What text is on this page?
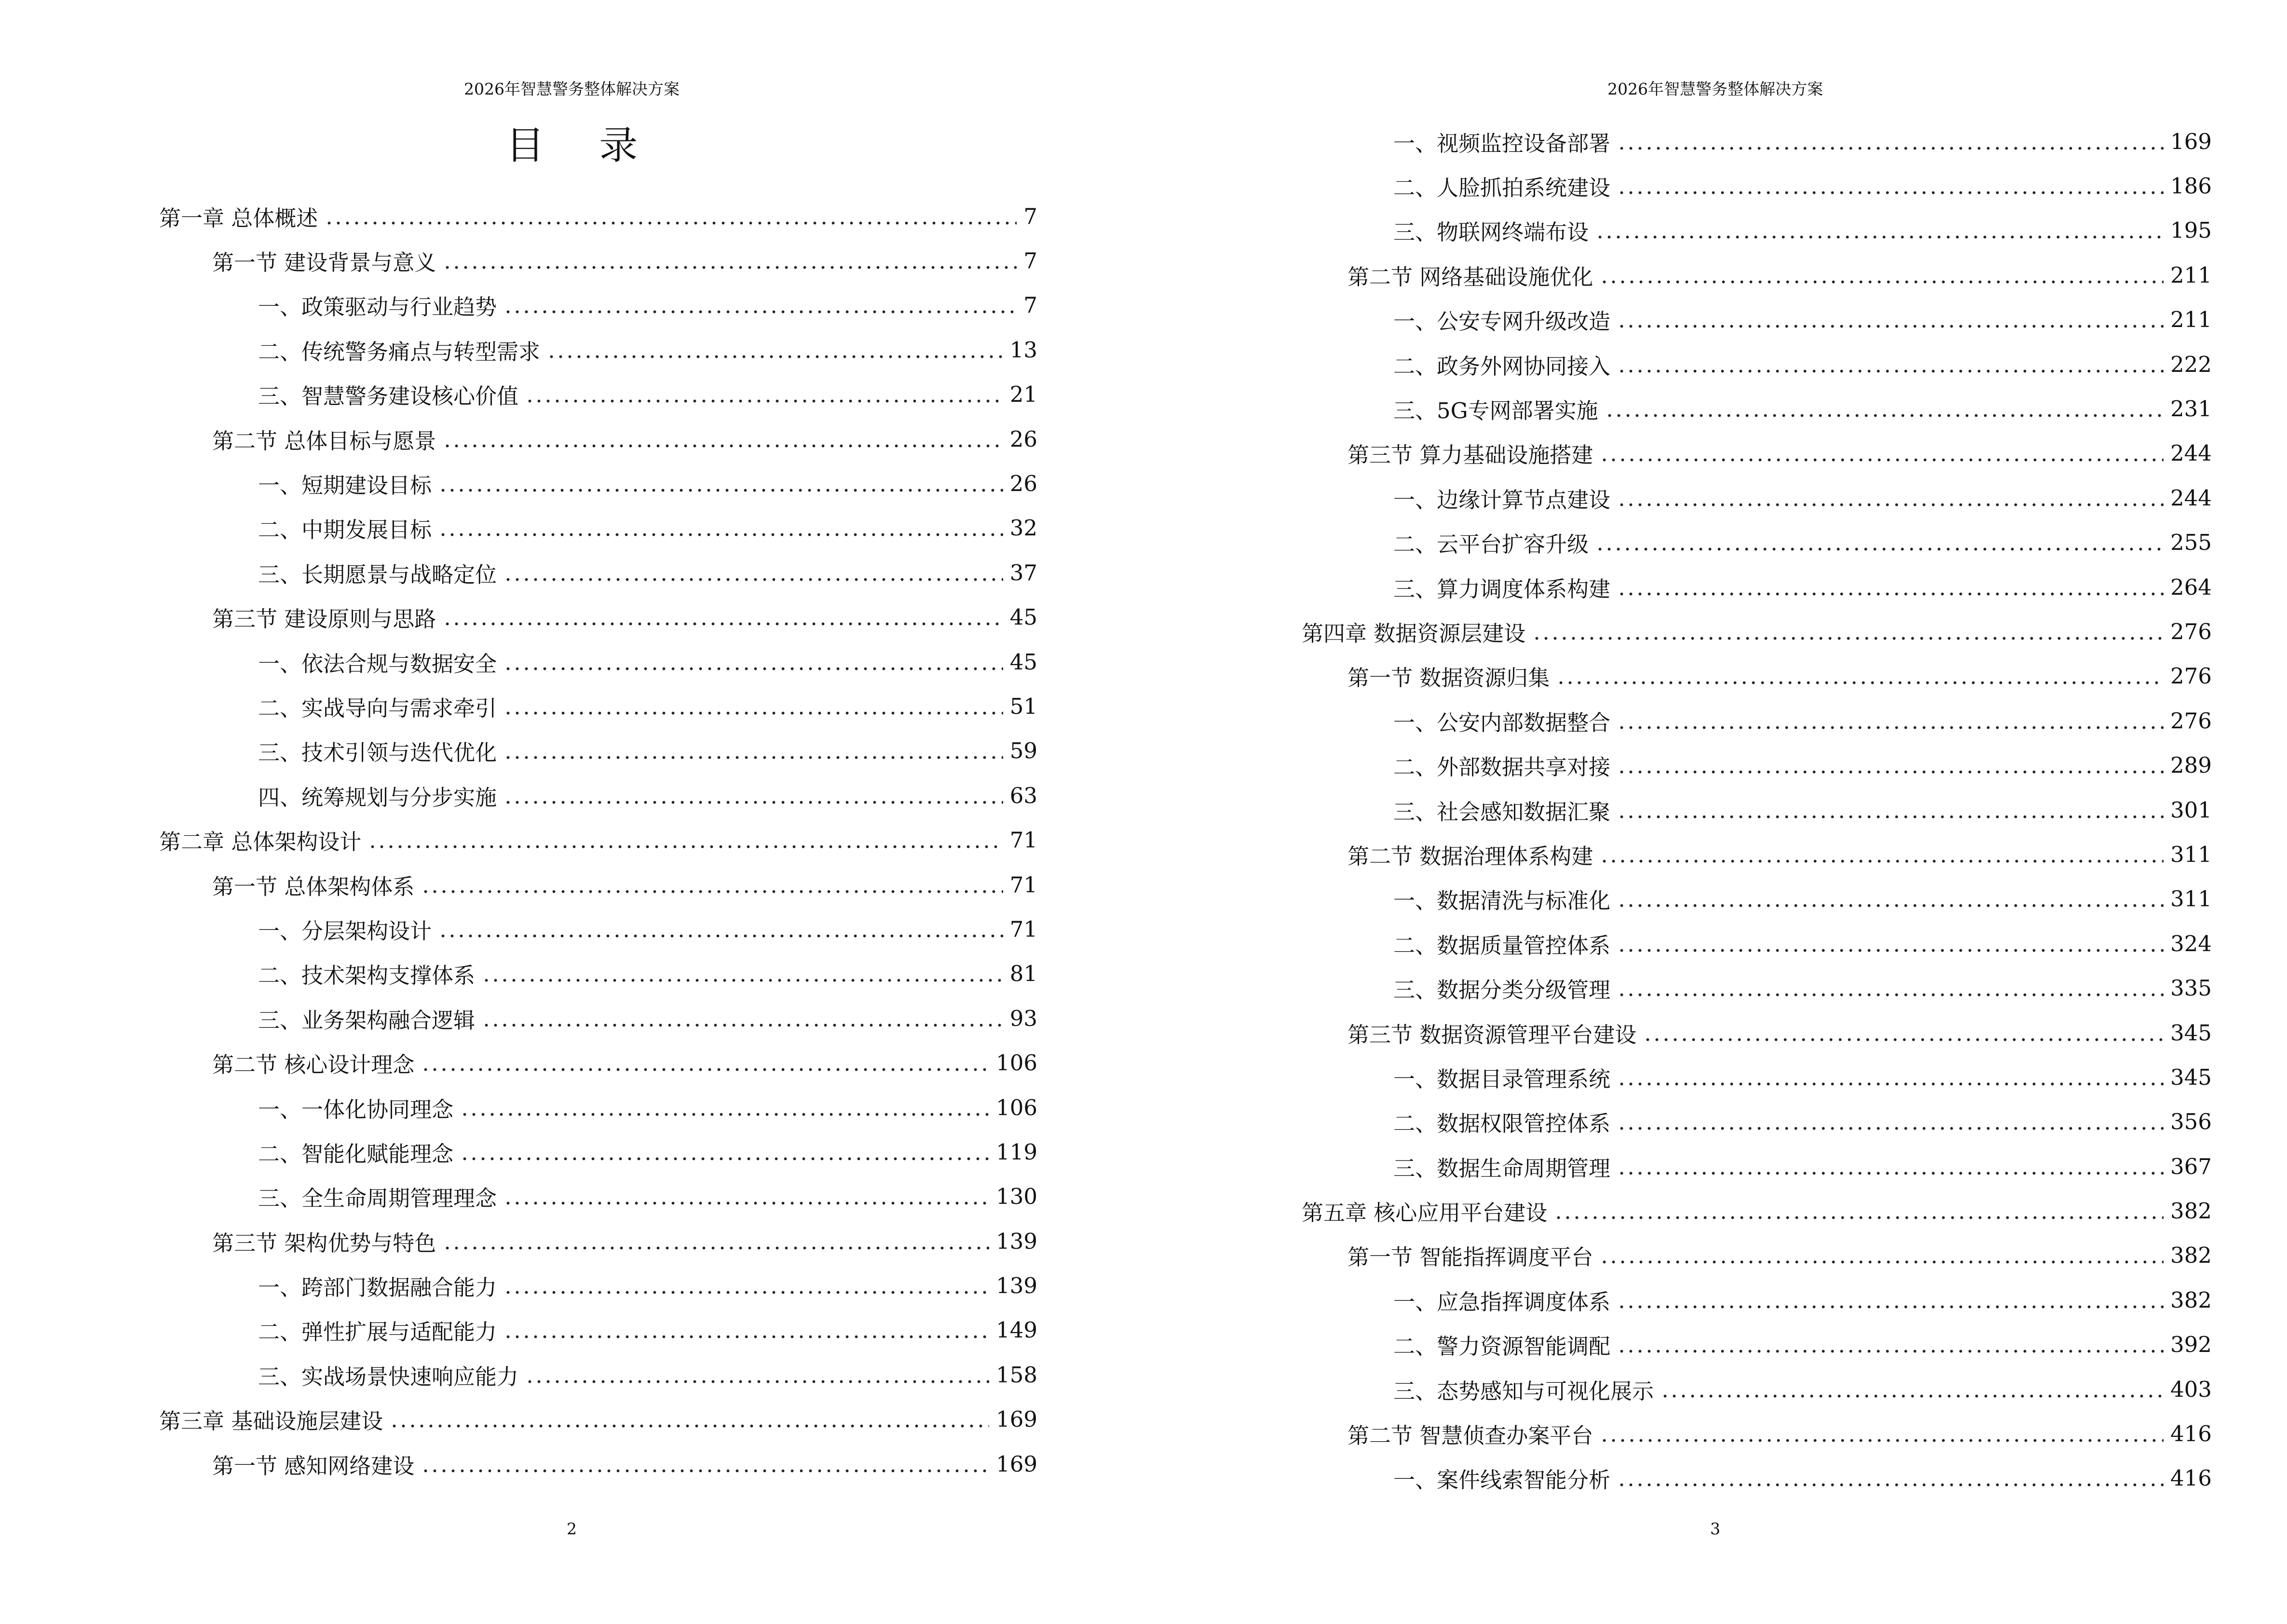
2026年智慧警务整体解决方案
目 录
第一章 总体概述	7
第一节 建设背景与意义	7
一、政策驱动与行业趋势	7
二、传统警务痛点与转型需求	13
三、智慧警务建设核心价值	21
第二节 总体目标与愿景	26
一、短期建设目标	26
二、中期发展目标	32
三、长期愿景与战略定位	37
第三节 建设原则与思路	45
一、依法合规与数据安全	45
二、实战导向与需求牵引	51
三、技术引领与迭代优化	59
四、统筹规划与分步实施	63
第二章 总体架构设计	71
第一节 总体架构体系	71
一、分层架构设计	71
二、技术架构支撑体系	81
三、业务架构融合逻辑	93
第二节 核心设计理念	106
一、一体化协同理念	106
二、智能化赋能理念	119
三、全生命周期管理理念	130
第三节 架构优势与特色	139
一、跨部门数据融合能力	139
二、弹性扩展与适配能力	149
三、实战场景快速响应能力	158
第三章 基础设施层建设	169
第一节 感知网络建设	169
2
2026年智慧警务整体解决方案
一、视频监控设备部署	169
二、人脸抓拍系统建设	186
三、物联网终端布设	195
第二节 网络基础设施优化	211
一、公安专网升级改造	211
二、政务外网协同接入	222
三、5G专网部署实施	231
第三节 算力基础设施搭建	244
一、边缘计算节点建设	244
二、云平台扩容升级	255
三、算力调度体系构建	264
第四章 数据资源层建设	276
第一节 数据资源归集	276
一、公安内部数据整合	276
二、外部数据共享对接	289
三、社会感知数据汇聚	301
第二节 数据治理体系构建	311
一、数据清洗与标准化	311
二、数据质量管控体系	324
三、数据分类分级管理	335
第三节 数据资源管理平台建设	345
一、数据目录管理系统	345
二、数据权限管控体系	356
三、数据生命周期管理	367
第五章 核心应用平台建设	382
第一节 智能指挥调度平台	382
一、应急指挥调度体系	382
二、警力资源智能调配	392
三、态势感知与可视化展示	403
第二节 智慧侦查办案平台	416
一、案件线索智能分析	416
3
